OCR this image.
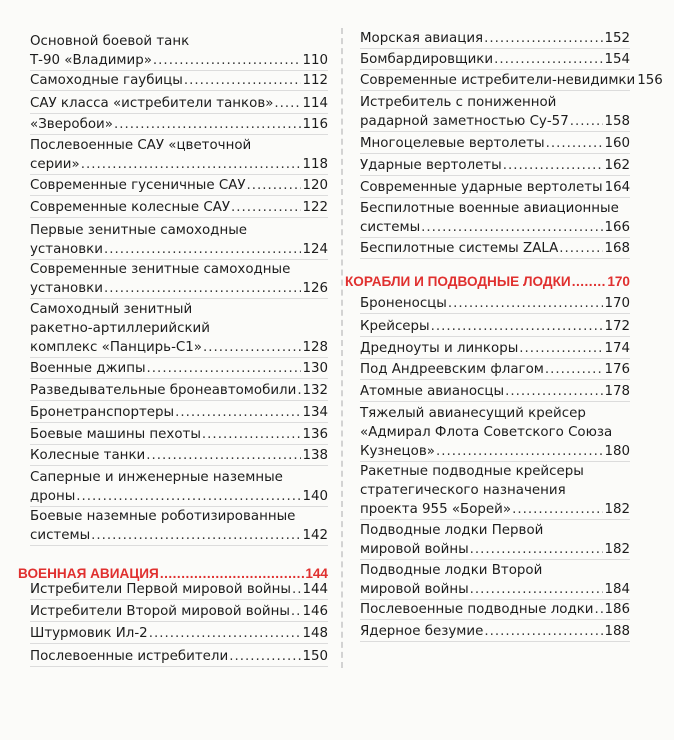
Основной боевой танк
Т-90 «Владимир» .....	110
Самоходные гаубицы .....	112
САУ класса «истребители танков» ..... 114
«Зверобои» .....	116
Послевоенные САУ «цветочной
серии» .....	118
Современные гусеничные САУ .....	120
Современные колесные САУ .....	122
Первые зенитные самоходные
установки .....	124
Современные зенитные самоходные
установки .....	126
Самоходный зенитный
ракетно-артиллерийский
комплекс «Панцирь-С1» .....	128
Военные джипы .....	130
Разведывательные бронеавтомобили ..... 132
Бронетранспортеры .....	134
Боевые машины пехоты .....	136
Колесные танки .....	138
Саперные и инженерные наземные
дроны .....	140
Боевые наземные роботизированные
системы .....	142
ВОЕННАЯ АВИАЦИЯ .....	144
Истребители Первой мировой войны ..... 144
Истребители Второй мировой войны ..... 146
Штурмовик Ил-2 .....	148
Послевоенные истребители .....	150
Морская авиация .....	152
Бомбардировщики .....	154
Современные истребители-невидимки 156
Истребитель с пониженной
радарной заметностью Су-57 .....	158
Многоцелевые вертолеты .....	160
Ударные вертолеты .....	162
Современные ударные вертолеты 164
Беспилотные военные авиационные
системы .....	166
Беспилотные системы ZALA .....	168
КОРАБЛИ И ПОДВОДНЫЕ ЛОДКИ .....	170
Броненосцы .....	170
Крейсеры .....	172
Дредноуты и линкоры .....	174
Под Андреевским флагом .....	176
Атомные авианосцы .....	178
Тяжелый авианесущий крейсер
«Адмирал Флота Советского Союза
Кузнецов» .....	180
Ракетные подводные крейсеры
стратегического назначения
проекта 955 «Борей» .....	182
Подводные лодки Первой
мировой войны .....	182
Подводные лодки Второй
мировой войны .....	184
Послевоенные подводные лодки ..... 186
Ядерное безумие .....	188
